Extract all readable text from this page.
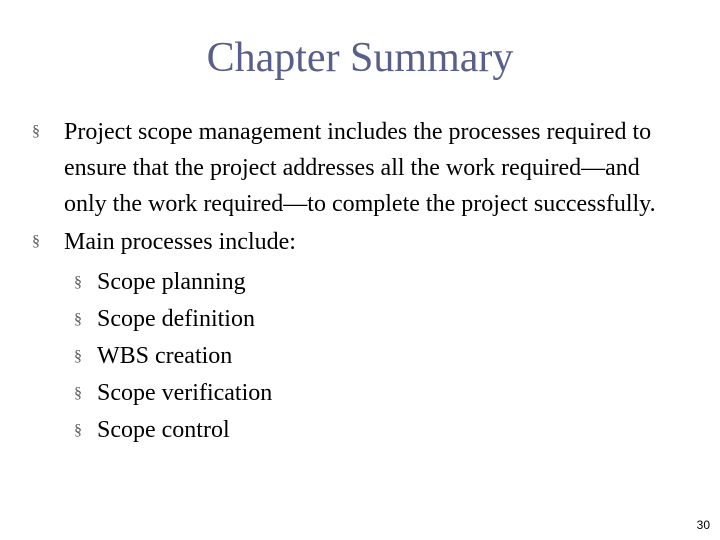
Chapter Summary
§ Project scope management includes the processes required to ensure that the project addresses all the work required—and only the work required—to complete the project successfully.
§ Main processes include:
§ Scope planning
§ Scope definition
§ WBS creation
§ Scope verification
§ Scope control
30
